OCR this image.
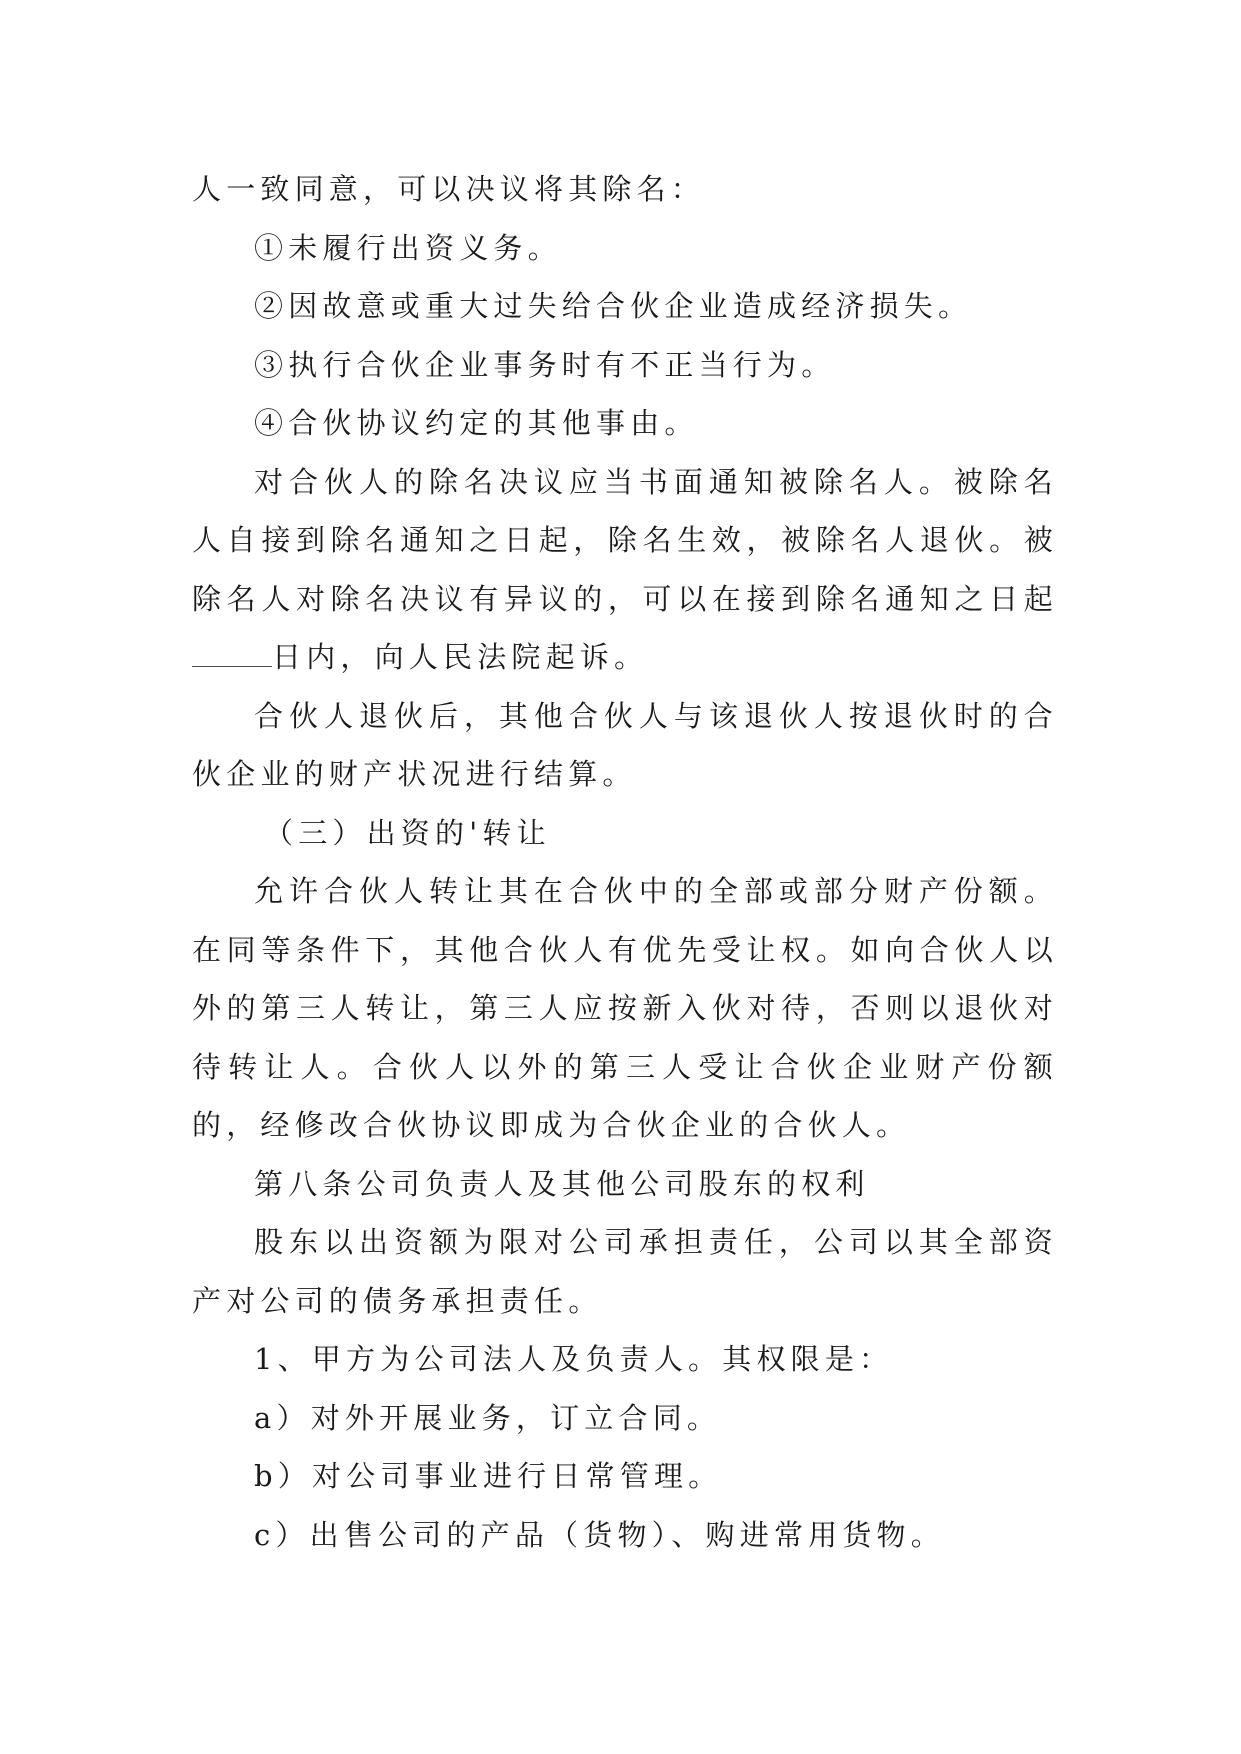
人一致同意，可以决议将其除名：

①未履行出资义务。

②因故意或重大过失给合伙企业造成经济损失。

③执行合伙企业事务时有不正当行为。

④合伙协议约定的其他事由。

对合伙人的除名决议应当书面通知被除名人。被除名人自接到除名通知之日起，除名生效，被除名人退伙。被除名人对除名决议有异议的，可以在接到除名通知之日起日内，向人民法院起诉。

合伙人退伙后，其他合伙人与该退伙人按退伙时的合伙企业的财产状况进行结算。

（三）出资的'转让

允许合伙人转让其在合伙中的全部或部分财产份额。在同等条件下，其他合伙人有优先受让权。如向合伙人以外的第三人转让，第三人应按新入伙对待，否则以退伙对待转让人。合伙人以外的第三人受让合伙企业财产份额的，经修改合伙协议即成为合伙企业的合伙人。

第八条公司负责人及其他公司股东的权利

股东以出资额为限对公司承担责任，公司以其全部资产对公司的债务承担责任。

1、甲方为公司法人及负责人。其权限是：

a）对外开展业务，订立合同。

b）对公司事业进行日常管理。

c）出售公司的产品（货物）、购进常用货物。
